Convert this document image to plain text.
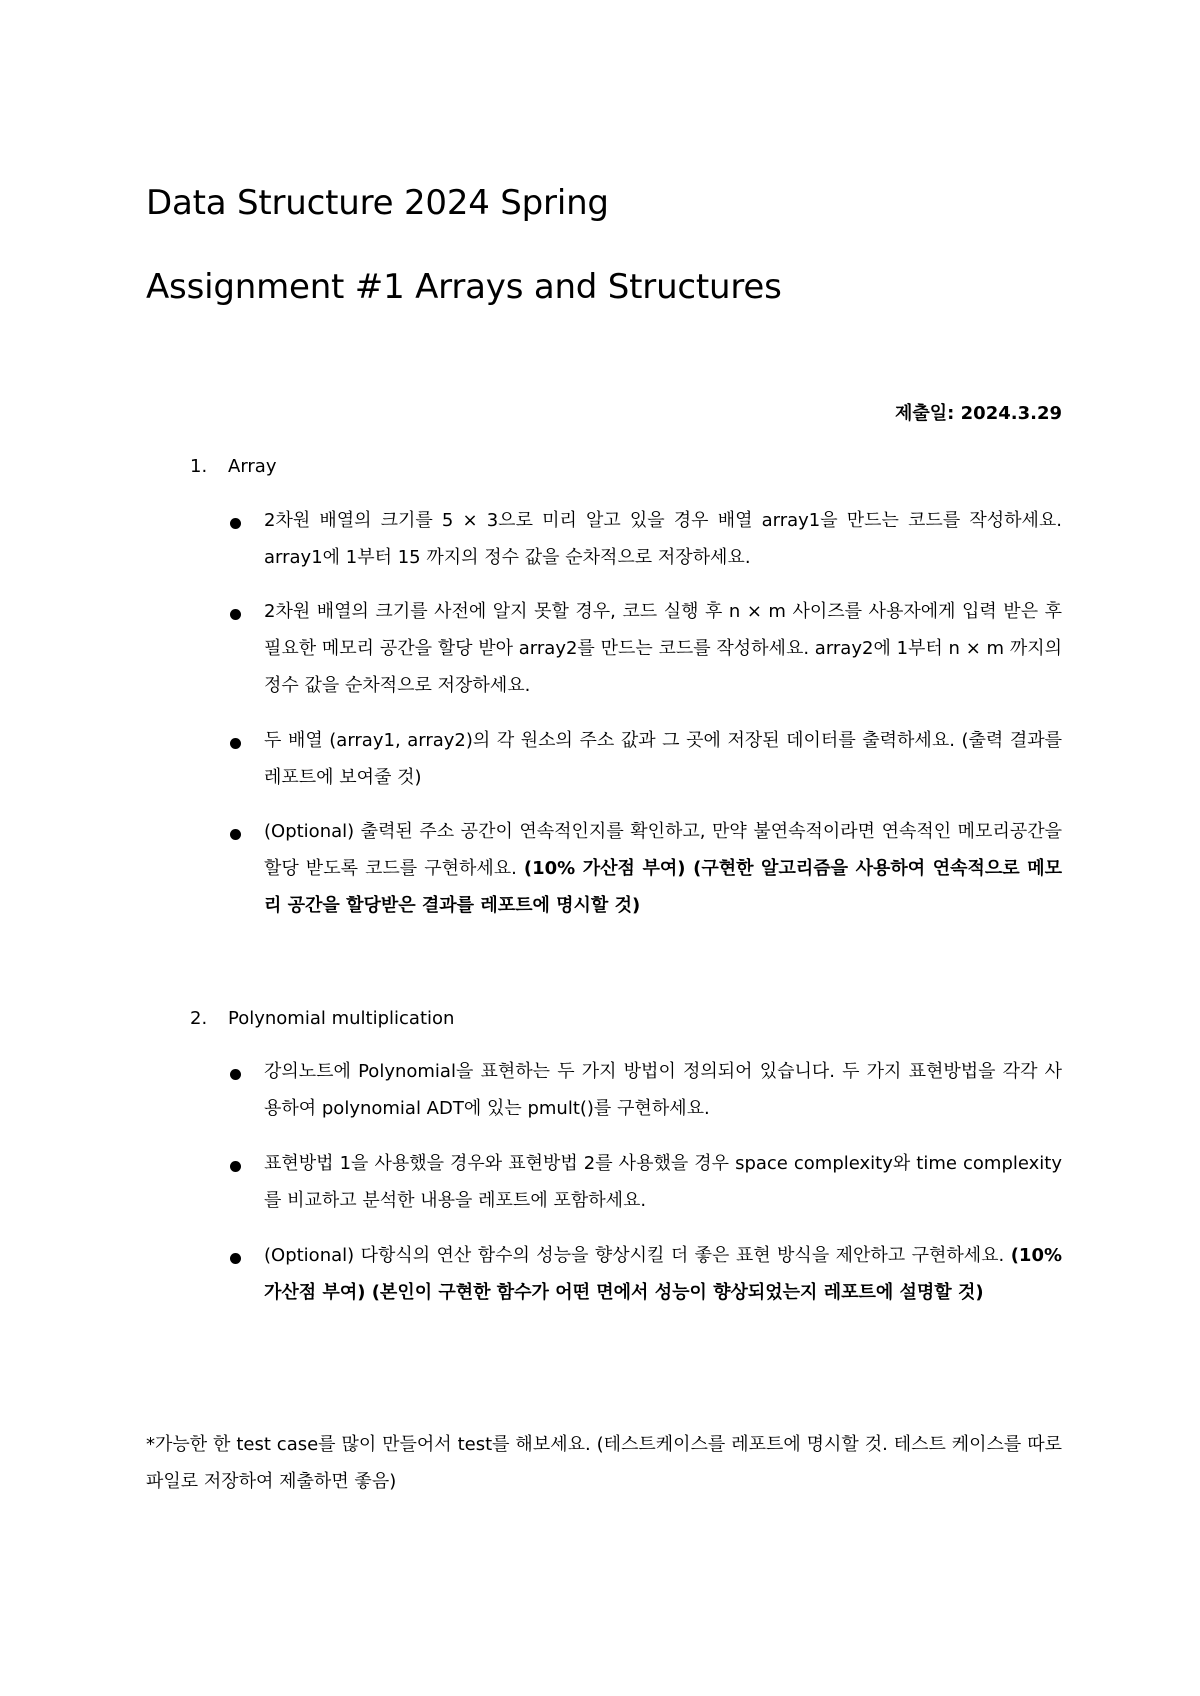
Data Structure 2024 Spring
Assignment #1 Arrays and Structures
제출일: 2024.3.29
1. Array
2차원 배열의 크기를 5 × 3으로 미리 알고 있을 경우 배열 array1을 만드는 코드를 작성하세요. array1에 1부터 15 까지의 정수 값을 순차적으로 저장하세요.
2차원 배열의 크기를 사전에 알지 못할 경우, 코드 실행 후 n × m 사이즈를 사용자에게 입력 받은 후 필요한 메모리 공간을 할당 받아 array2를 만드는 코드를 작성하세요. array2에 1부터 n × m 까지의 정수 값을 순차적으로 저장하세요.
두 배열 (array1, array2)의 각 원소의 주소 값과 그 곳에 저장된 데이터를 출력하세요. (출력 결과를 레포트에 보여줄 것)
(Optional) 출력된 주소 공간이 연속적인지를 확인하고, 만약 불연속적이라면 연속적인 메모리공간을 할당 받도록 코드를 구현하세요. (10% 가산점 부여) (구현한 알고리즘을 사용하여 연속적으로 메모리 공간을 할당받은 결과를 레포트에 명시할 것)
2. Polynomial multiplication
강의노트에 Polynomial을 표현하는 두 가지 방법이 정의되어 있습니다. 두 가지 표현방법을 각각 사용하여 polynomial ADT에 있는 pmult()를 구현하세요.
표현방법 1을 사용했을 경우와 표현방법 2를 사용했을 경우 space complexity와 time complexity를 비교하고 분석한 내용을 레포트에 포함하세요.
(Optional) 다항식의 연산 함수의 성능을 향상시킬 더 좋은 표현 방식을 제안하고 구현하세요. (10% 가산점 부여) (본인이 구현한 함수가 어떤 면에서 성능이 향상되었는지 레포트에 설명할 것)
*가능한 한 test case를 많이 만들어서 test를 해보세요. (테스트케이스를 레포트에 명시할 것. 테스트 케이스를 따로 파일로 저장하여 제출하면 좋음)
